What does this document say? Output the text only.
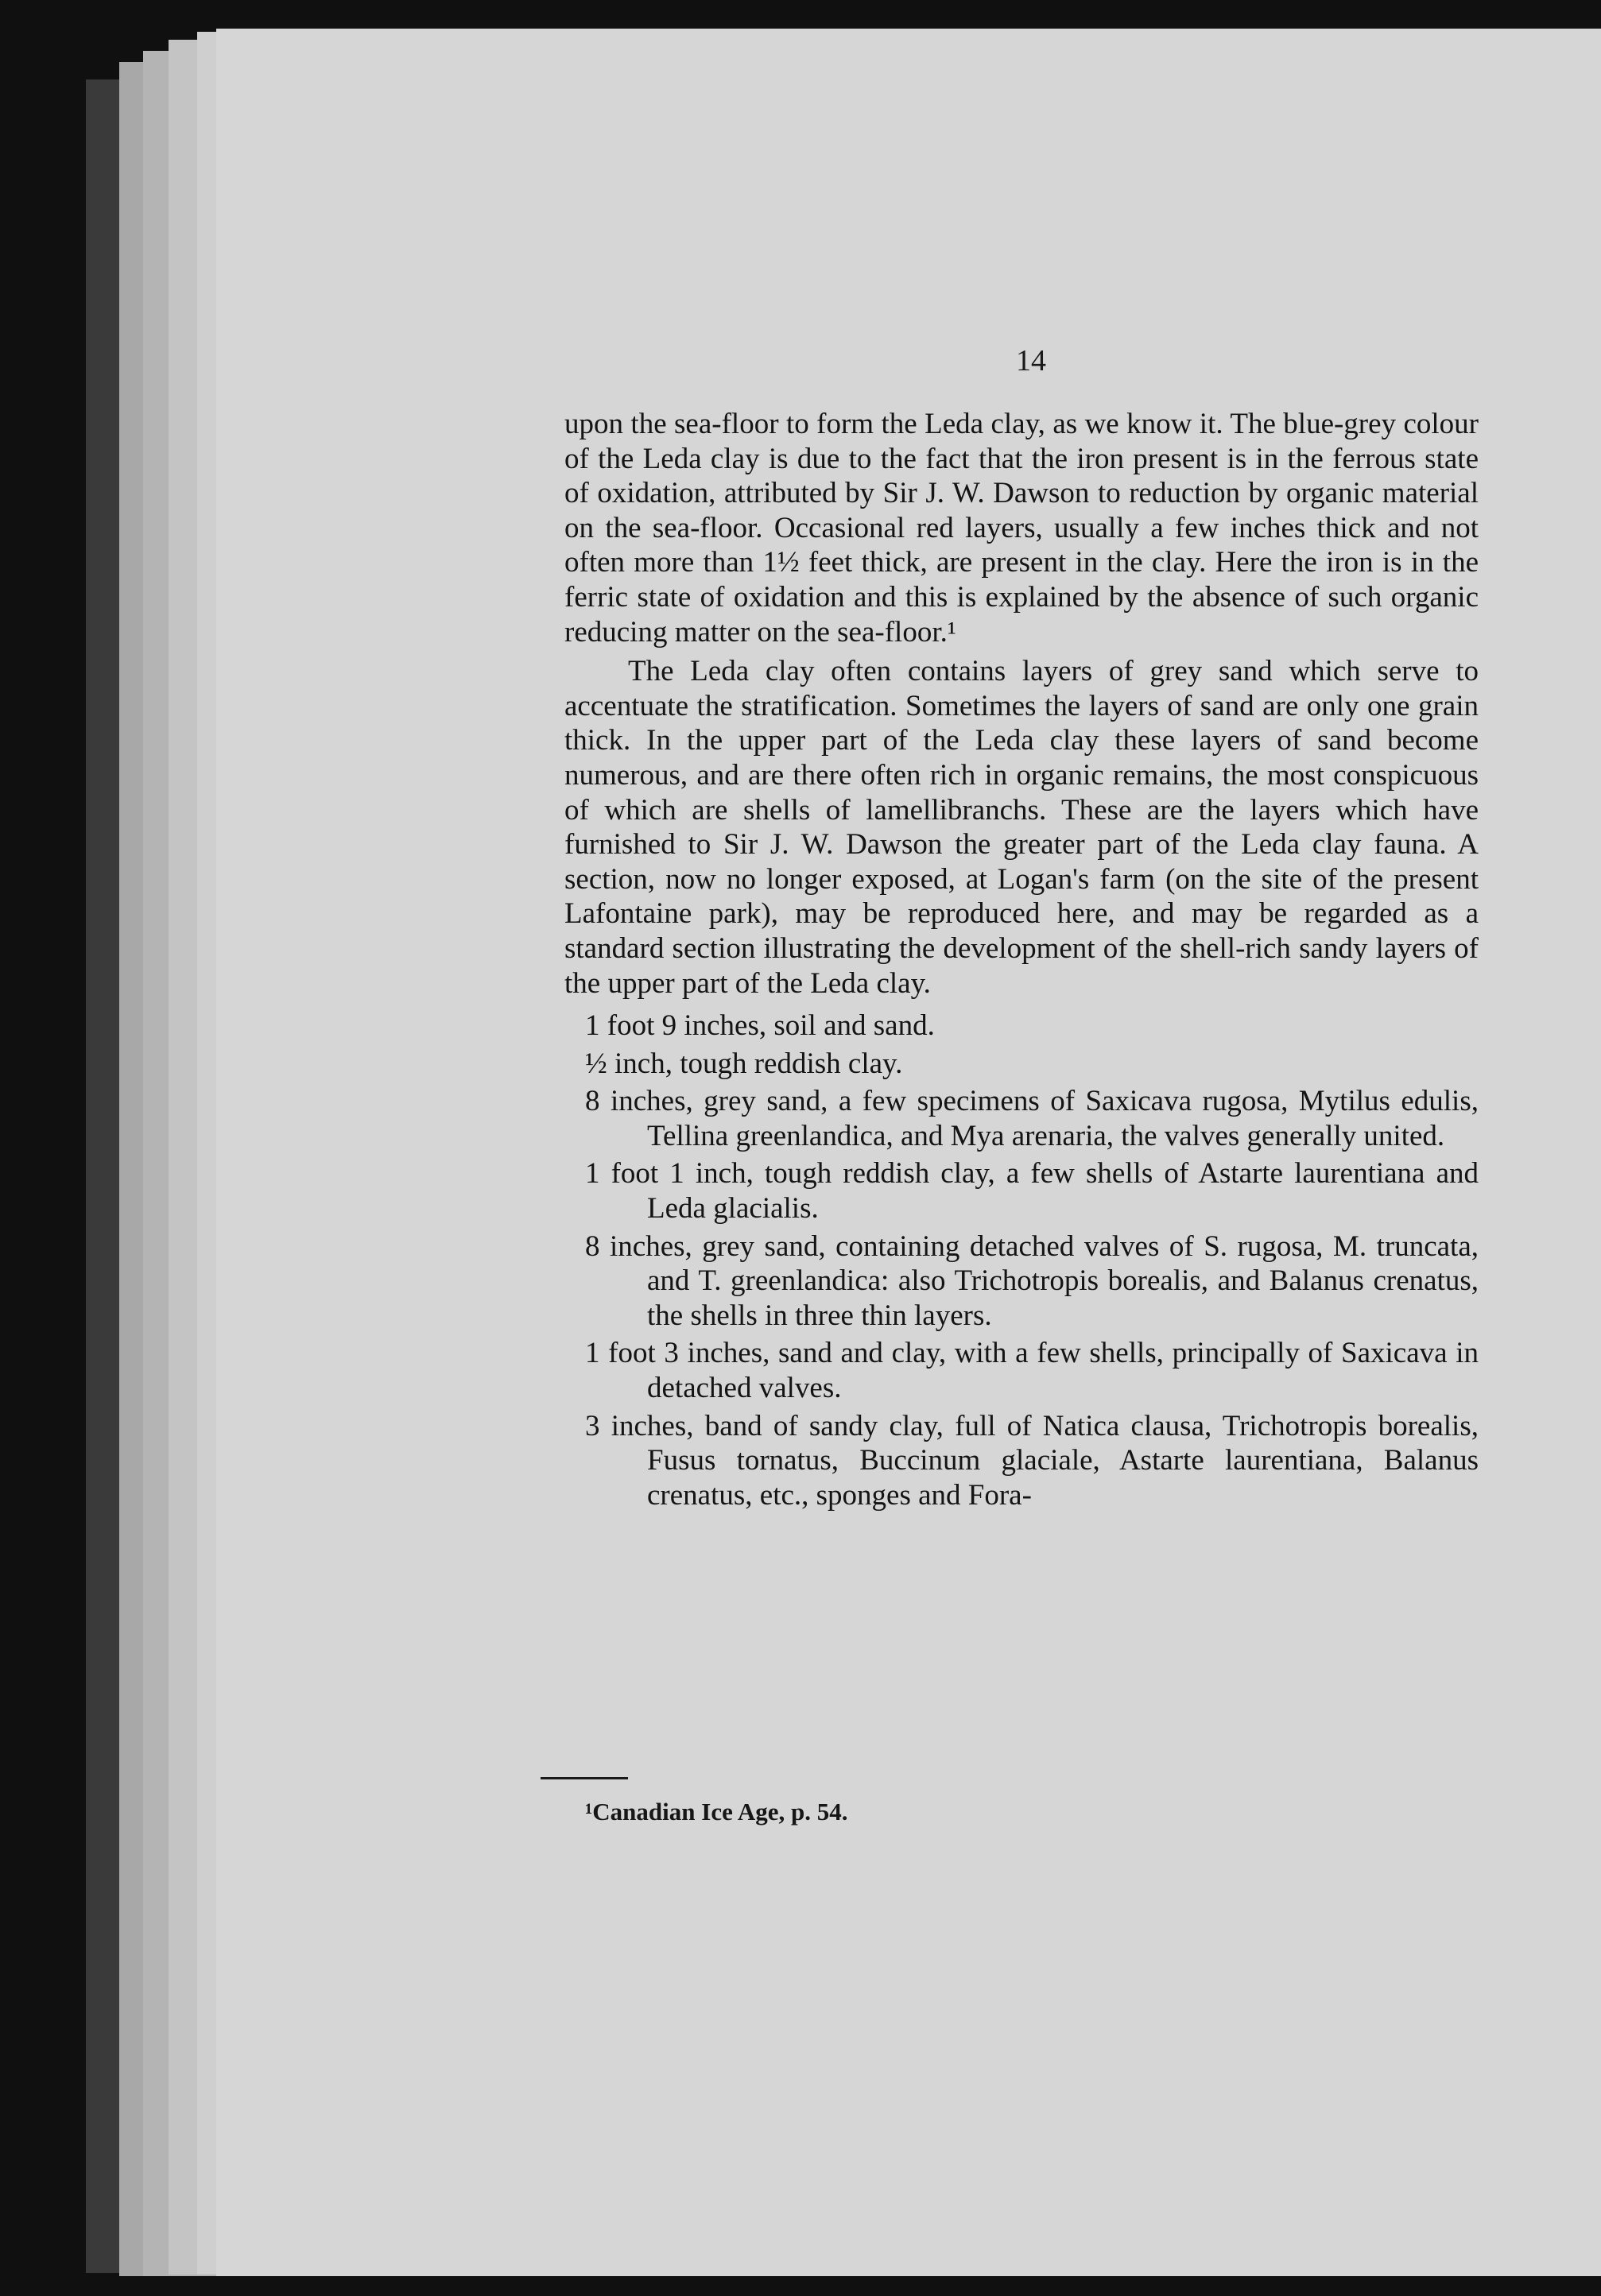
14

upon the sea-floor to form the Leda clay, as we know it. The blue-grey colour of the Leda clay is due to the fact that the iron present is in the ferrous state of oxidation, attributed by Sir J. W. Dawson to reduction by organic material on the sea-floor. Occasional red layers, usually a few inches thick and not often more than 1½ feet thick, are present in the clay. Here the iron is in the ferric state of oxidation and this is explained by the absence of such organic reducing matter on the sea-floor.¹

The Leda clay often contains layers of grey sand which serve to accentuate the stratification. Sometimes the layers of sand are only one grain thick. In the upper part of the Leda clay these layers of sand become numerous, and are there often rich in organic remains, the most conspicuous of which are shells of lamellibranchs. These are the layers which have furnished to Sir J. W. Dawson the greater part of the Leda clay fauna. A section, now no longer exposed, at Logan's farm (on the site of the present Lafontaine park), may be reproduced here, and may be regarded as a standard section illustrating the development of the shell-rich sandy layers of the upper part of the Leda clay.

1 foot 9 inches, soil and sand.
½ inch, tough reddish clay.
8 inches, grey sand, a few specimens of Saxicava rugosa, Mytilus edulis, Tellina greenlandica, and Mya arenaria, the valves generally united.
1 foot 1 inch, tough reddish clay, a few shells of Astarte laurentiana and Leda glacialis.
8 inches, grey sand, containing detached valves of S. rugosa, M. truncata, and T. greenlandica: also Trichotropis borealis, and Balanus crenatus, the shells in three thin layers.
1 foot 3 inches, sand and clay, with a few shells, principally of Saxicava in detached valves.
3 inches, band of sandy clay, full of Natica clausa, Trichotropis borealis, Fusus tornatus, Buccinum glaciale, Astarte laurentiana, Balanus crenatus, etc., sponges and Fora-
¹Canadian Ice Age, p. 54.
